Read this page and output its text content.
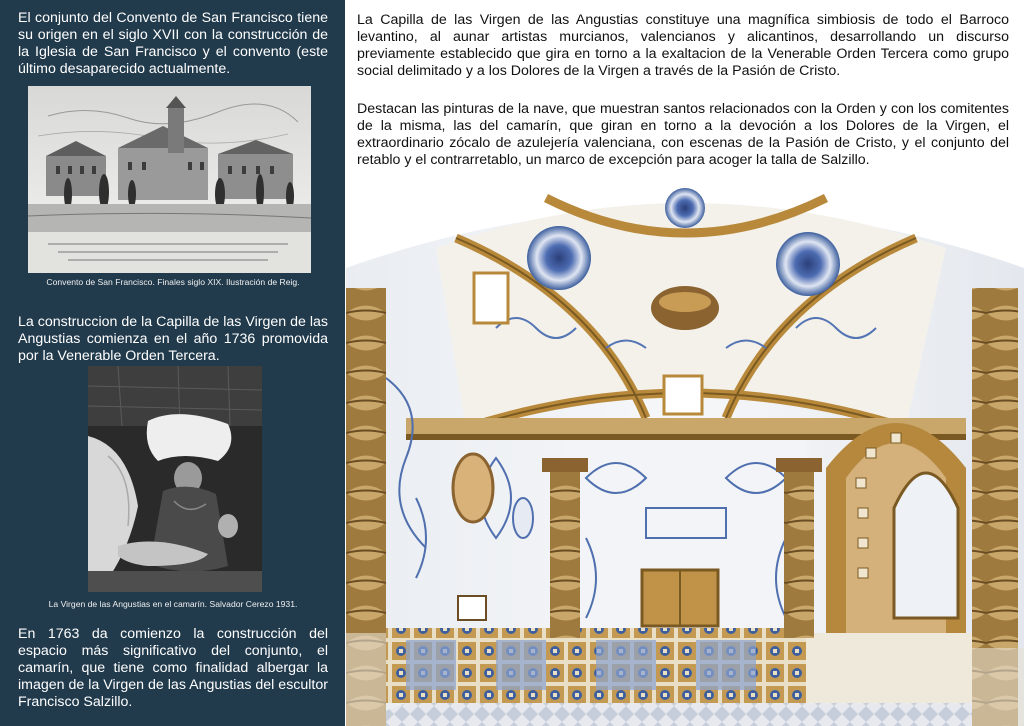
El conjunto del Convento de San Francisco tiene su origen en el siglo XVII con la construcción de la Iglesia de San Francisco y el convento (este último desaparecido actualmente.

Convento de San Francisco. Finales siglo XIX. Ilustración de Reig.

La construccion de la Capilla de las Virgen de las Angustias comienza en el año 1736 promovida por la Venerable Orden Tercera.

La Virgen de las Angustias en el camarín. Salvador Cerezo 1931.

En 1763 da comienzo la construcción del espacio más significativo del conjunto, el camarín, que tiene como finalidad albergar la imagen de la Virgen de las Angustias del escultor Francisco Salzillo.

La Capilla de las Virgen de las Angustias constituye una magnífica simbiosis de todo el Barroco levantino, al aunar artistas murcianos, valencianos y alicantinos, desarrollando un discurso previamente establecido que gira en torno a la exaltacion de la Venerable Orden Tercera como grupo social delimitado y a los Dolores de la Virgen a través de la Pasión de Cristo.

Destacan las pinturas de la nave, que muestran santos relacionados con la Orden y con los comitentes de la misma, las del camarín, que giran en torno a la devoción a los Dolores de la Virgen, el extraordinario zócalo de azulejería valenciana, con escenas de la Pasión de Cristo, y el conjunto del retablo y el contrarretablo, un marco de excepción para acoger la talla de Salzillo.
